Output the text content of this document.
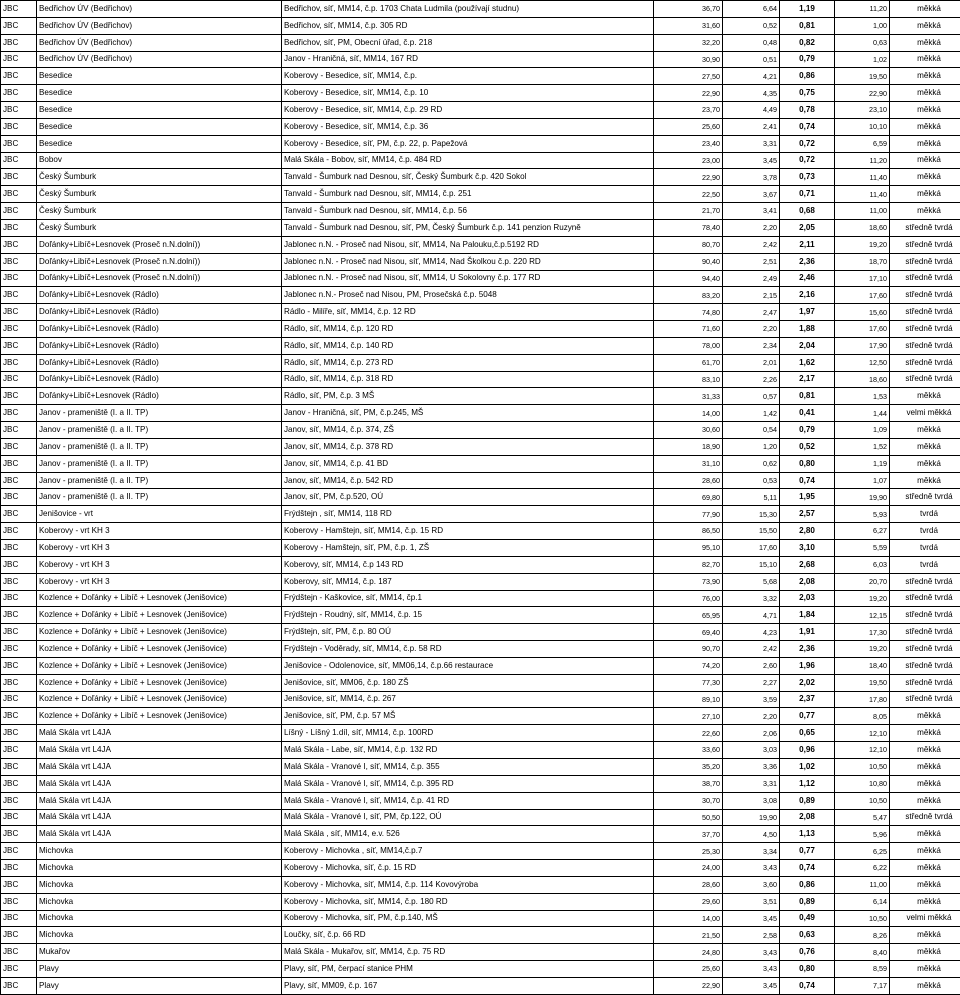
JBC	Bedřichov ÚV (Bedřichov)	Bedřichov, síť, MM14, č.p. 1703 Chata Ludmila (používají studnu)	36,70	6,64	1,19	11,20	měkká
JBC	Bedřichov ÚV (Bedřichov)	Bedřichov, síť, MM14, č.p. 305 RD	31,60	0,52	0,81	1,00	měkká
JBC	Bedřichov ÚV (Bedřichov)	Bedřichov, síť, PM, Obecní úřad, č.p. 218	32,20	0,48	0,82	0,63	měkká
JBC	Bedřichov ÚV (Bedřichov)	Janov - Hraničná, síť, MM14, 167 RD	30,90	0,51	0,79	1,02	měkká
JBC	Besedice	Koberovy - Besedice, síť, MM14, č.p.	27,50	4,21	0,86	19,50	měkká
JBC	Besedice	Koberovy - Besedice, síť, MM14, č.p. 10	22,90	4,35	0,75	22,90	měkká
JBC	Besedice	Koberovy - Besedice, síť, MM14, č.p. 29 RD	23,70	4,49	0,78	23,10	měkká
JBC	Besedice	Koberovy - Besedice, síť, MM14, č.p. 36	25,60	2,41	0,74	10,10	měkká
JBC	Besedice	Koberovy - Besedice, síť, PM, č.p. 22, p. Papežová	23,40	3,31	0,72	6,59	měkká
JBC	Bobov	Malá Skála - Bobov, síť, MM14, č.p. 484 RD	23,00	3,45	0,72	11,20	měkká
JBC	Český Šumburk	Tanvald - Šumburk nad Desnou, síť, Český Šumburk č.p. 420 Sokol	22,90	3,78	0,73	11,40	měkká
JBC	Český Šumburk	Tanvald - Šumburk nad Desnou, síť, MM14, č.p. 251	22,50	3,67	0,71	11,40	měkká
JBC	Český Šumburk	Tanvald - Šumburk nad Desnou, síť, MM14, č.p. 56	21,70	3,41	0,68	11,00	měkká
JBC	Český Šumburk	Tanvald - Šumburk nad Desnou, síť, PM, Český Šumburk č.p. 141 penzion Ruzyně	78,40	2,20	2,05	18,60	středně tvrdá
JBC	Doľánky+Libíč+Lesnovek (Proseč n.N.dolní))	Jablonec n.N. - Proseč nad Nisou, síť, MM14, Na Palouku,č.p.5192 RD	80,70	2,42	2,11	19,20	středně tvrdá
JBC	Doľánky+Libíč+Lesnovek (Proseč n.N.dolní))	Jablonec n.N. - Proseč nad Nisou, síť, MM14, Nad Školkou č.p. 220 RD	90,40	2,51	2,36	18,70	středně tvrdá
JBC	Doľánky+Libíč+Lesnovek (Proseč n.N.dolní))	Jablonec n.N. - Proseč nad Nisou, síť, MM14, U Sokolovny č.p. 177 RD	94,40	2,49	2,46	17,10	středně tvrdá
JBC	Doľánky+Libíč+Lesnovek (Rádlo)	Jablonec n.N.- Proseč nad Nisou, PM, Prosečská č.p. 5048	83,20	2,15	2,16	17,60	středně tvrdá
JBC	Doľánky+Libíč+Lesnovek (Rádlo)	Rádlo - Milíře, síť, MM14, č.p. 12 RD	74,80	2,47	1,97	15,60	středně tvrdá
JBC	Doľánky+Libíč+Lesnovek (Rádlo)	Rádlo, síť, MM14, č.p. 120 RD	71,60	2,20	1,88	17,60	středně tvrdá
JBC	Doľánky+Libíč+Lesnovek (Rádlo)	Rádlo, síť, MM14, č.p. 140 RD	78,00	2,34	2,04	17,90	středně tvrdá
JBC	Doľánky+Libíč+Lesnovek (Rádlo)	Rádlo, síť, MM14, č.p. 273 RD	61,70	2,01	1,62	12,50	středně tvrdá
JBC	Doľánky+Libíč+Lesnovek (Rádlo)	Rádlo, síť, MM14, č.p. 318 RD	83,10	2,26	2,17	18,60	středně tvrdá
JBC	Doľánky+Libíč+Lesnovek (Rádlo)	Rádlo, síť, PM, č.p. 3 MŠ	31,33	0,57	0,81	1,53	měkká
JBC	Janov - prameniště (I. a II. TP)	Janov - Hraničná, síť, PM, č.p.245, MŠ	14,00	1,42	0,41	1,44	velmi měkká
JBC	Janov - prameniště (I. a II. TP)	Janov, síť, MM14, č.p. 374, ZŠ	30,60	0,54	0,79	1,09	měkká
JBC	Janov - prameniště (I. a II. TP)	Janov, síť, MM14, č.p. 378 RD	18,90	1,20	0,52	1,52	měkká
JBC	Janov - prameniště (I. a II. TP)	Janov, síť, MM14, č.p. 41 BD	31,10	0,62	0,80	1,19	měkká
JBC	Janov - prameniště (I. a II. TP)	Janov, síť, MM14, č.p. 542 RD	28,60	0,53	0,74	1,07	měkká
JBC	Janov - prameniště (I. a II. TP)	Janov, síť, PM, č.p.520, OÚ	69,80	5,11	1,95	19,90	středně tvrdá
JBC	Jenišovice - vrt	Frýdštejn , síť, MM14, 118 RD	77,90	15,30	2,57	5,93	tvrdá
JBC	Koberovy - vrt KH 3	Koberovy - Hamštejn, síť, MM14, č.p. 15 RD	86,50	15,50	2,80	6,27	tvrdá
JBC	Koberovy - vrt KH 3	Koberovy - Hamštejn, síť, PM, č.p. 1, ZŠ	95,10	17,60	3,10	5,59	tvrdá
JBC	Koberovy - vrt KH 3	Koberovy, síť, MM14, č.p 143 RD	82,70	15,10	2,68	6,03	tvrdá
JBC	Koberovy - vrt KH 3	Koberovy, síť, MM14, č.p. 187	73,90	5,68	2,08	20,70	středně tvrdá
JBC	Kozlence + Doľánky + Libíč + Lesnovek (Jenišovice)	Frýdštejn - Kaškovice, síť, MM14, čp.1	76,00	3,32	2,03	19,20	středně tvrdá
JBC	Kozlence + Doľánky + Libíč + Lesnovek (Jenišovice)	Frýdštejn - Roudný, síť, MM14, č.p. 15	65,95	4,71	1,84	12,15	středně tvrdá
JBC	Kozlence + Doľánky + Libíč + Lesnovek (Jenišovice)	Frýdštejn, síť, PM, č.p. 80 OÚ	69,40	4,23	1,91	17,30	středně tvrdá
JBC	Kozlence + Doľánky + Libíč + Lesnovek (Jenišovice)	Frýdštejn - Voděrady, síť, MM14, č.p. 58 RD	90,70	2,42	2,36	19,20	středně tvrdá
JBC	Kozlence + Doľánky + Libíč + Lesnovek (Jenišovice)	Jenišovice - Odolenovice, síť, MM06,14, č.p.66 restaurace	74,20	2,60	1,96	18,40	středně tvrdá
JBC	Kozlence + Doľánky + Libíč + Lesnovek (Jenišovice)	Jenišovice, síť, MM06, č.p. 180 ZŠ	77,30	2,27	2,02	19,50	středně tvrdá
JBC	Kozlence + Doľánky + Libíč + Lesnovek (Jenišovice)	Jenišovice, síť, MM14, č.p. 267	89,10	3,59	2,37	17,80	středně tvrdá
JBC	Kozlence + Doľánky + Libíč + Lesnovek (Jenišovice)	Jenišovice, síť, PM, č.p. 57 MŠ	27,10	2,20	0,77	8,05	měkká
JBC	Malá Skála vrt L4JA	Líšný - Líšný 1.díl, síť, MM14, č.p. 100RD	22,60	2,06	0,65	12,10	měkká
JBC	Malá Skála vrt L4JA	Malá Skála - Labe, síť, MM14, č.p. 132 RD	33,60	3,03	0,96	12,10	měkká
JBC	Malá Skála vrt L4JA	Malá Skála - Vranové I, síť, MM14, č.p. 355	35,20	3,36	1,02	10,50	měkká
JBC	Malá Skála vrt L4JA	Malá Skála - Vranové I, síť, MM14, č.p. 395 RD	38,70	3,31	1,12	10,80	měkká
JBC	Malá Skála vrt L4JA	Malá Skála - Vranové I, síť, MM14, č.p. 41 RD	30,70	3,08	0,89	10,50	měkká
JBC	Malá Skála vrt L4JA	Malá Skála - Vranové I, síť, PM, čp.122, OÚ	50,50	19,90	2,08	5,47	středně tvrdá
JBC	Malá Skála vrt L4JA	Malá Skála , síť, MM14, e.v. 526	37,70	4,50	1,13	5,96	měkká
JBC	Michovka	Koberovy - Michovka , síť, MM14,č.p.7	25,30	3,34	0,77	6,25	měkká
JBC	Michovka	Koberovy - Michovka, síť, č.p. 15 RD	24,00	3,43	0,74	6,22	měkká
JBC	Michovka	Koberovy - Michovka, síť, MM14, č.p. 114 Kovovýroba	28,60	3,60	0,86	11,00	měkká
JBC	Michovka	Koberovy - Michovka, síť, MM14, č.p. 180 RD	29,60	3,51	0,89	6,14	měkká
JBC	Michovka	Koberovy - Michovka, síť, PM, č.p.140, MŠ	14,00	3,45	0,49	10,50	velmi měkká
JBC	Michovka	Loučky, síť, č.p. 66 RD	21,50	2,58	0,63	8,26	měkká
JBC	Mukařov	Malá Skála - Mukařov, síť, MM14, č.p. 75 RD	24,80	3,43	0,76	8,40	měkká
JBC	Plavy	Plavy, síť, PM, čerpací stanice PHM	25,60	3,43	0,80	8,59	měkká
JBC	Plavy	Plavy, síť, MM09, č.p. 167	22,90	3,45	0,74	7,17	měkká
